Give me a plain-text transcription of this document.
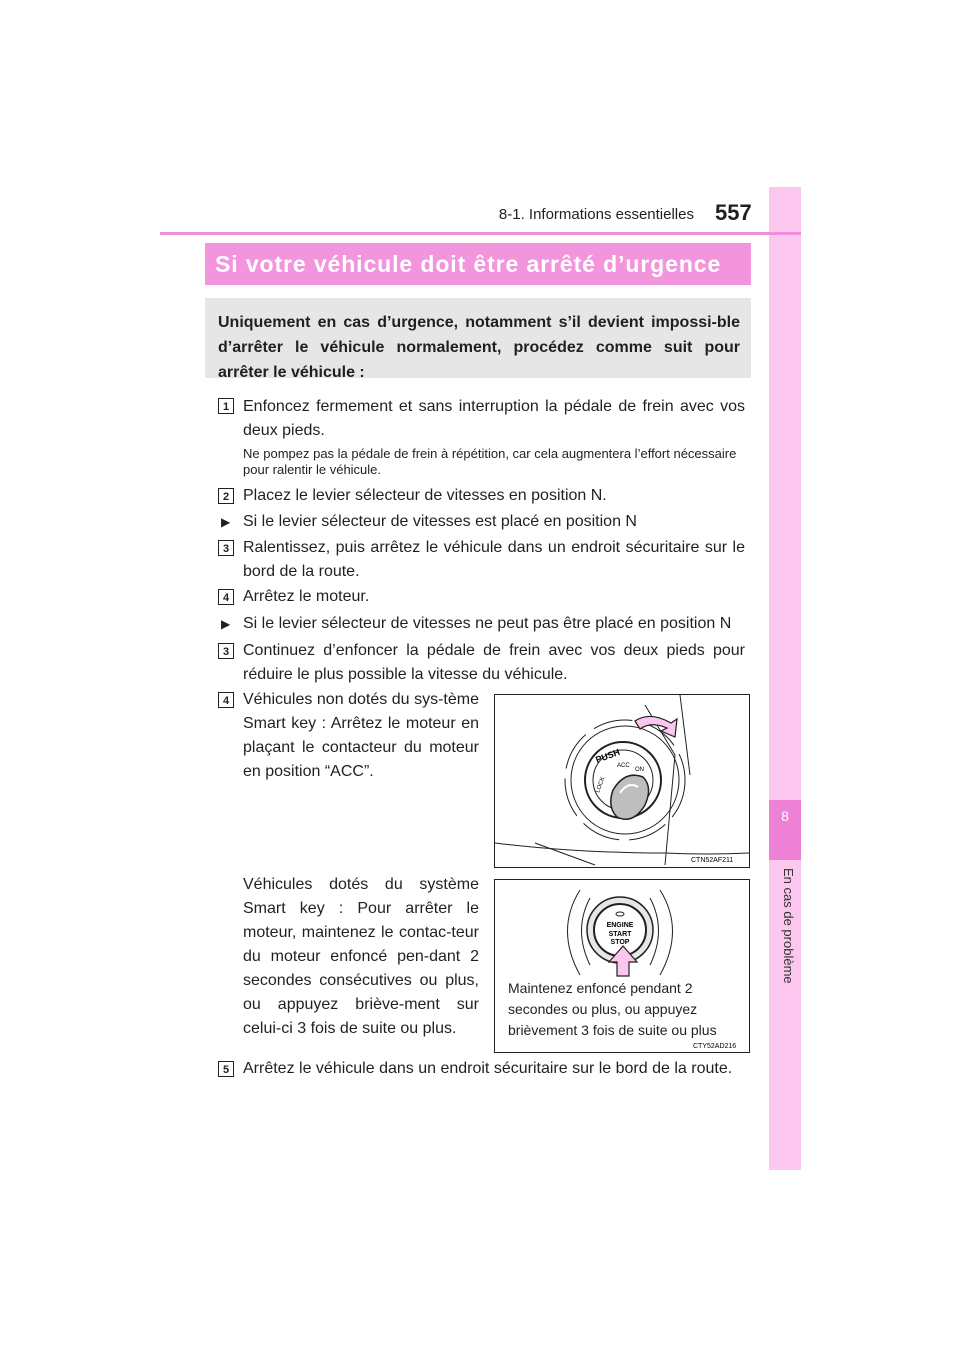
8
En cas de problème
8-1. Informations essentielles 557
Si votre véhicule doit être arrêté d’urgence
Uniquement en cas d’urgence, notamment s’il devient impossi-ble d’arrêter le véhicule normalement, procédez comme suit pour arrêter le véhicule :
1 Enfoncez fermement et sans interruption la pédale de frein avec vos deux pieds.
Ne pompez pas la pédale de frein à répétition, car cela augmentera l’effort nécessaire pour ralentir le véhicule.
2 Placez le levier sélecteur de vitesses en position N.
▶ Si le levier sélecteur de vitesses est placé en position N
3 Ralentissez, puis arrêtez le véhicule dans un endroit sécuritaire sur le bord de la route.
4 Arrêtez le moteur.
▶ Si le levier sélecteur de vitesses ne peut pas être placé en position N
3 Continuez d’enfoncer la pédale de frein avec vos deux pieds pour réduire le plus possible la vitesse du véhicule.
4 Véhicules non dotés du sys-tème Smart key : Arrêtez le moteur en plaçant le contacteur du moteur en position “ACC”.
PUSH
ACC
ON
LOCK
CTN52AF211
Véhicules dotés du système Smart key : Pour arrêter le moteur, maintenez le contac-teur du moteur enfoncé pen-dant 2 secondes consécutives ou plus, ou appuyez briève-ment sur celui-ci 3 fois de suite ou plus.
ENGINE
START
STOP
CTY52AD216
Maintenez enfoncé pendant 2 secondes ou plus, ou appuyez brièvement 3 fois de suite ou plus
5 Arrêtez le véhicule dans un endroit sécuritaire sur le bord de la route.
